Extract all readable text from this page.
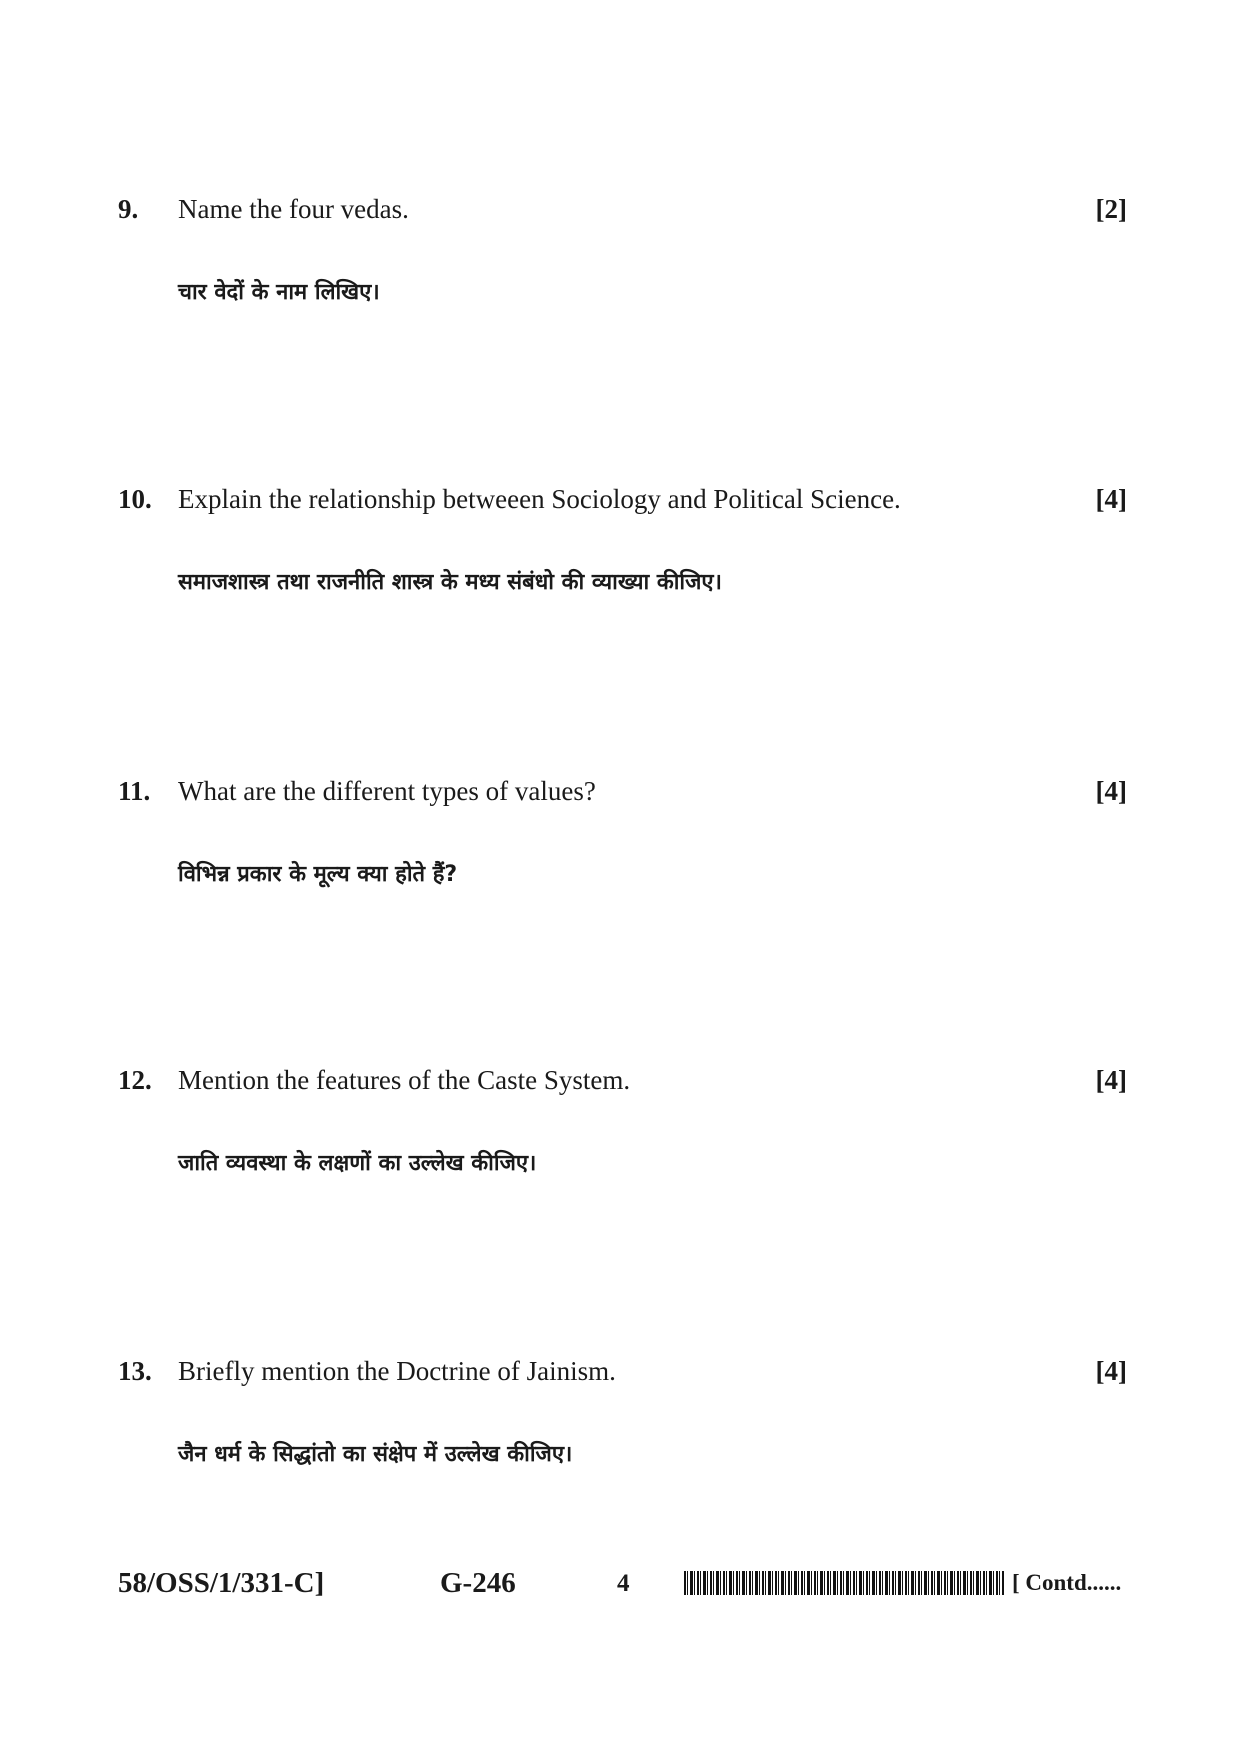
9. Name the four vedas.	[2]
चार वेदों के नाम लिखिए।
10. Explain the relationship betweeen Sociology and Political Science.	[4]
समाजशास्त्र तथा राजनीति शास्त्र के मध्य संबंधो की व्याख्या कीजिए।
11. What are the different types of values?	[4]
विभिन्न प्रकार के मूल्य क्या होते हैं?
12. Mention the features of the Caste System.	[4]
जाति व्यवस्था के लक्षणों का उल्लेख कीजिए।
13. Briefly mention the Doctrine of Jainism.	[4]
जैन धर्म के सिद्धांतो का संक्षेप में उल्लेख कीजिए।
58/OSS/1/331-C]	G-246	4	[ Contd......
